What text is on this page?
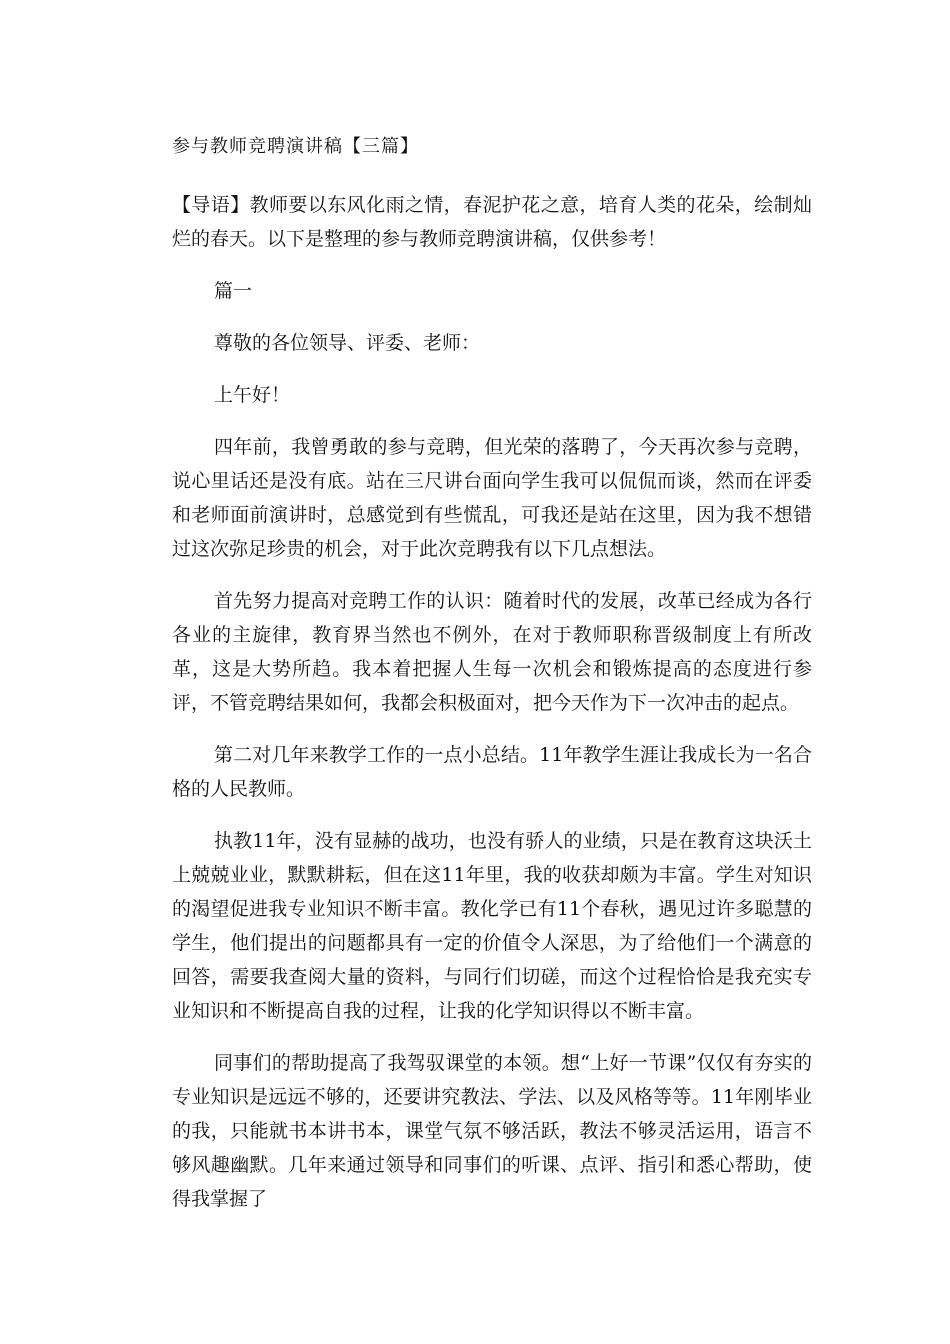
参与教师竞聘演讲稿【三篇】

【导语】教师要以东风化雨之情，春泥护花之意，培育人类的花朵，绘制灿烂的春天。以下是整理的参与教师竞聘演讲稿，仅供参考！

篇一

尊敬的各位领导、评委、老师：

上午好！

四年前，我曾勇敢的参与竞聘，但光荣的落聘了，今天再次参与竞聘，说心里话还是没有底。站在三尺讲台面向学生我可以侃侃而谈，然而在评委和老师面前演讲时，总感觉到有些慌乱，可我还是站在这里，因为我不想错过这次弥足珍贵的机会，对于此次竞聘我有以下几点想法。

首先努力提高对竞聘工作的认识：随着时代的发展，改革已经成为各行各业的主旋律，教育界当然也不例外，在对于教师职称晋级制度上有所改革，这是大势所趋。我本着把握人生每一次机会和锻炼提高的态度进行参评，不管竞聘结果如何，我都会积极面对，把今天作为下一次冲击的起点。

第二对几年来教学工作的一点小总结。11年教学生涯让我成长为一名合格的人民教师。

执教11年，没有显赫的战功，也没有骄人的业绩，只是在教育这块沃土上兢兢业业，默默耕耘，但在这11年里，我的收获却颇为丰富。学生对知识的渴望促进我专业知识不断丰富。教化学已有11个春秋，遇见过许多聪慧的学生，他们提出的问题都具有一定的价值令人深思，为了给他们一个满意的回答，需要我查阅大量的资料，与同行们切磋，而这个过程恰恰是我充实专业知识和不断提高自我的过程，让我的化学知识得以不断丰富。

同事们的帮助提高了我驾驭课堂的本领。想“上好一节课”仅仅有夯实的专业知识是远远不够的，还要讲究教法、学法、以及风格等等。11年刚毕业的我，只能就书本讲书本，课堂气氛不够活跃，教法不够灵活运用，语言不够风趣幽默。几年来通过领导和同事们的听课、点评、指引和悉心帮助，使得我掌握了
